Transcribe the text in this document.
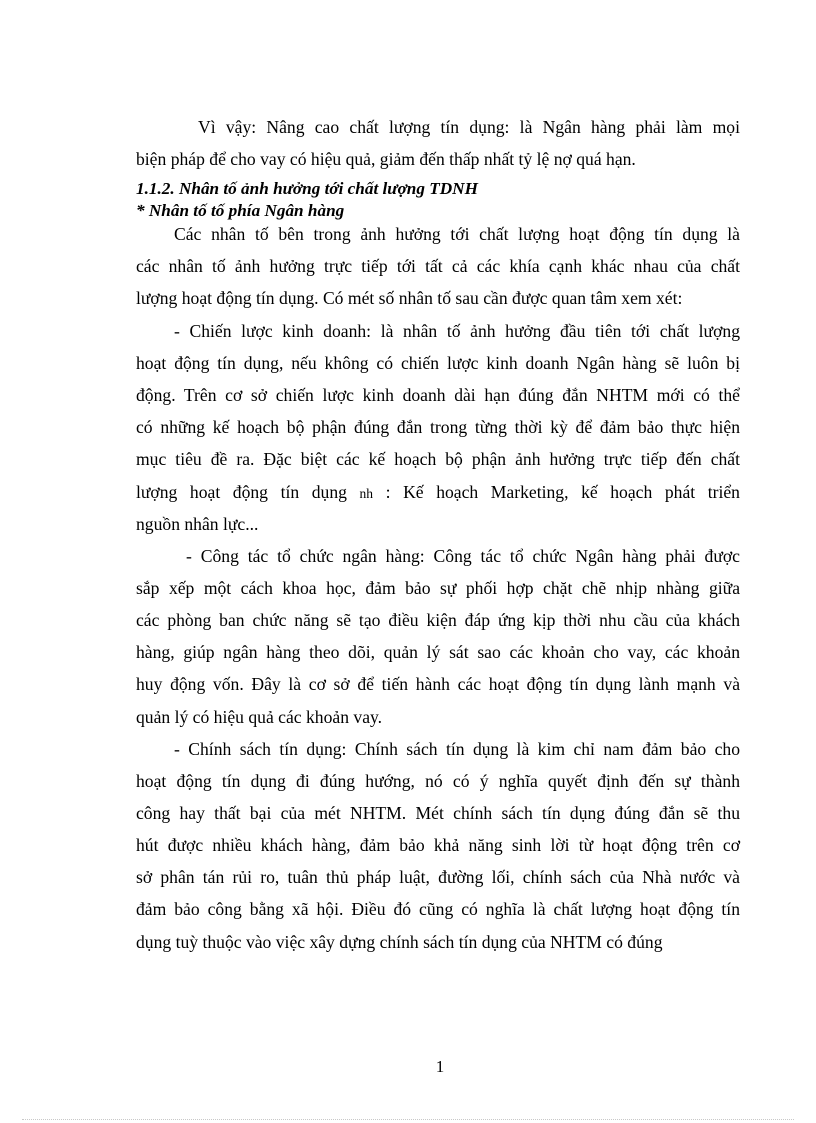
Vì vậy: Nâng cao chất lượng tín dụng: là Ngân hàng phải làm mọi
biện pháp để cho vay có hiệu quả, giảm đến thấp nhất tỷ lệ nợ quá hạn.
1.1.2. Nhân tố ảnh hưởng tới chất lượng TDNH
* Nhân tố tố phía Ngân hàng
Các nhân tố bên trong ảnh hưởng tới chất lượng hoạt động tín dụng là
các nhân tố ảnh hưởng trực tiếp tới tất cả các khía cạnh khác nhau của chất
lượng hoạt động tín dụng. Có mét số nhân tố sau cần được quan tâm xem xét:
- Chiến lược kinh doanh: là nhân tố ảnh hưởng đầu tiên tới chất lượng
hoạt động tín dụng, nếu không có chiến lược kinh doanh Ngân hàng sẽ luôn bị
động. Trên cơ sở chiến lược kinh doanh dài hạn đúng đắn NHTM mới có thể
có những kế hoạch bộ phận đúng đắn trong từng thời kỳ để đảm bảo thực hiện
mục tiêu đề ra. Đặc biệt các kế hoạch bộ phận ảnh hưởng trực tiếp đến chất
lượng hoạt động tín dụng nh : Kế hoạch Marketing, kế hoạch phát triển
nguồn nhân lực...
- Công tác tổ chức ngân hàng: Công tác tổ chức Ngân hàng phải được
sắp xếp một cách khoa học, đảm bảo sự phối hợp chặt chẽ nhịp nhàng giữa
các phòng ban chức năng sẽ tạo điều kiện đáp ứng kịp thời nhu cầu của khách
hàng, giúp ngân hàng theo dõi, quản lý sát sao các khoản cho vay, các khoản
huy động vốn. Đây là cơ sở để tiến hành các hoạt động tín dụng lành mạnh và
quản lý có hiệu quả các khoản vay.
- Chính sách tín dụng: Chính sách tín dụng là kim chỉ nam đảm bảo cho
hoạt động tín dụng đi đúng hướng, nó có ý nghĩa quyết định đến sự thành
công hay thất bại của mét NHTM. Mét chính sách tín dụng đúng đắn sẽ thu
hút được nhiều khách hàng, đảm bảo khả năng sinh lời từ hoạt động trên cơ
sở phân tán rủi ro, tuân thủ pháp luật, đường lối, chính sách của Nhà nước và
đảm bảo công bằng xã hội. Điều đó cũng có nghĩa là chất lượng hoạt động tín
dụng tuỳ thuộc vào việc xây dựng chính sách tín dụng của NHTM có đúng
1
